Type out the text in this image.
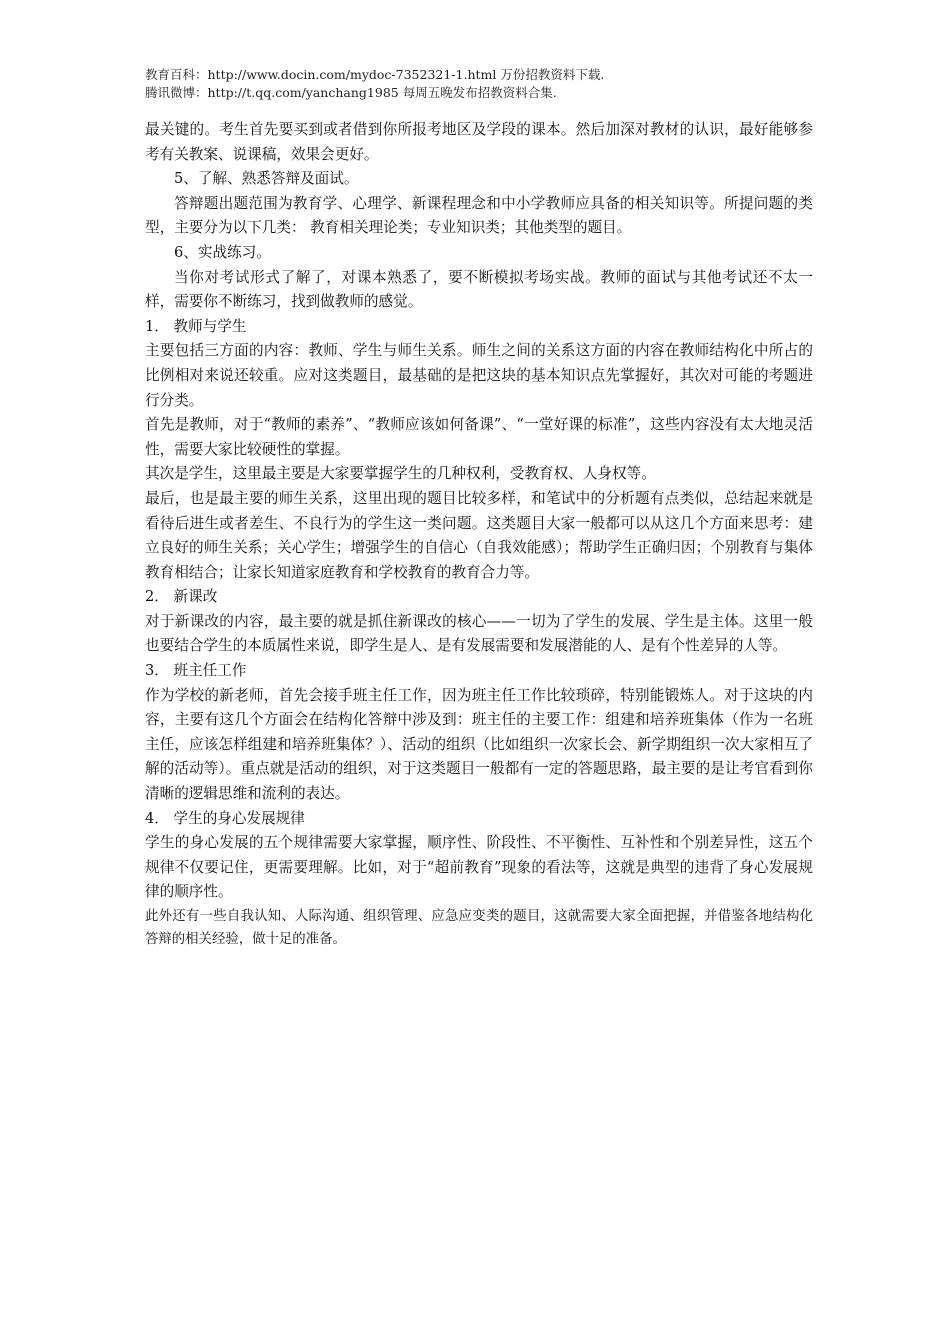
教育百科：http://www.docin.com/mydoc-7352321-1.html 万份招教资料下载.

腾讯微博：http://t.qq.com/yanchang1985 每周五晚发布招教资料合集.

最关键的。考生首先要买到或者借到你所报考地区及学段的课本。然后加深对教材的认识，最好能够参考有关教案、说课稿，效果会更好。

5、了解、熟悉答辩及面试。

答辩题出题范围为教育学、心理学、新课程理念和中小学教师应具备的相关知识等。所提问题的类型，主要分为以下几类： 教育相关理论类；专业知识类；其他类型的题目。

6、实战练习。

当你对考试形式了解了，对课本熟悉了，要不断模拟考场实战。教师的面试与其他考试还不太一样，需要你不断练习，找到做教师的感觉。

1． 教师与学生

主要包括三方面的内容：教师、学生与师生关系。师生之间的关系这方面的内容在教师结构化中所占的比例相对来说还较重。应对这类题目，最基础的是把这块的基本知识点先掌握好，其次对可能的考题进行分类。

首先是教师，对于“教师的素养”、“教师应该如何备课”、“一堂好课的标准”，这些内容没有太大地灵活性，需要大家比较硬性的掌握。

其次是学生，这里最主要是大家要掌握学生的几种权利，受教育权、人身权等。

最后，也是最主要的师生关系，这里出现的题目比较多样，和笔试中的分析题有点类似，总结起来就是看待后进生或者差生、不良行为的学生这一类问题。这类题目大家一般都可以从这几个方面来思考：建立良好的师生关系；关心学生；增强学生的自信心（自我效能感）；帮助学生正确归因；个别教育与集体教育相结合；让家长知道家庭教育和学校教育的教育合力等。

2． 新课改

对于新课改的内容，最主要的就是抓住新课改的核心——一切为了学生的发展、学生是主体。这里一般也要结合学生的本质属性来说，即学生是人、是有发展需要和发展潜能的人、是有个性差异的人等。

3． 班主任工作

作为学校的新老师，首先会接手班主任工作，因为班主任工作比较琐碎，特别能锻炼人。对于这块的内容，主要有这几个方面会在结构化答辩中涉及到：班主任的主要工作：组建和培养班集体（作为一名班主任，应该怎样组建和培养班集体？）、活动的组织（比如组织一次家长会、新学期组织一次大家相互了解的活动等）。重点就是活动的组织，对于这类题目一般都有一定的答题思路，最主要的是让考官看到你清晰的逻辑思维和流利的表达。

4． 学生的身心发展规律

学生的身心发展的五个规律需要大家掌握，顺序性、阶段性、不平衡性、互补性和个别差异性，这五个规律不仅要记住，更需要理解。比如，对于“超前教育”现象的看法等，这就是典型的违背了身心发展规律的顺序性。

此外还有一些自我认知、人际沟通、组织管理、应急应变类的题目，这就需要大家全面把握，并借鉴各地结构化答辩的相关经验，做十足的准备。
